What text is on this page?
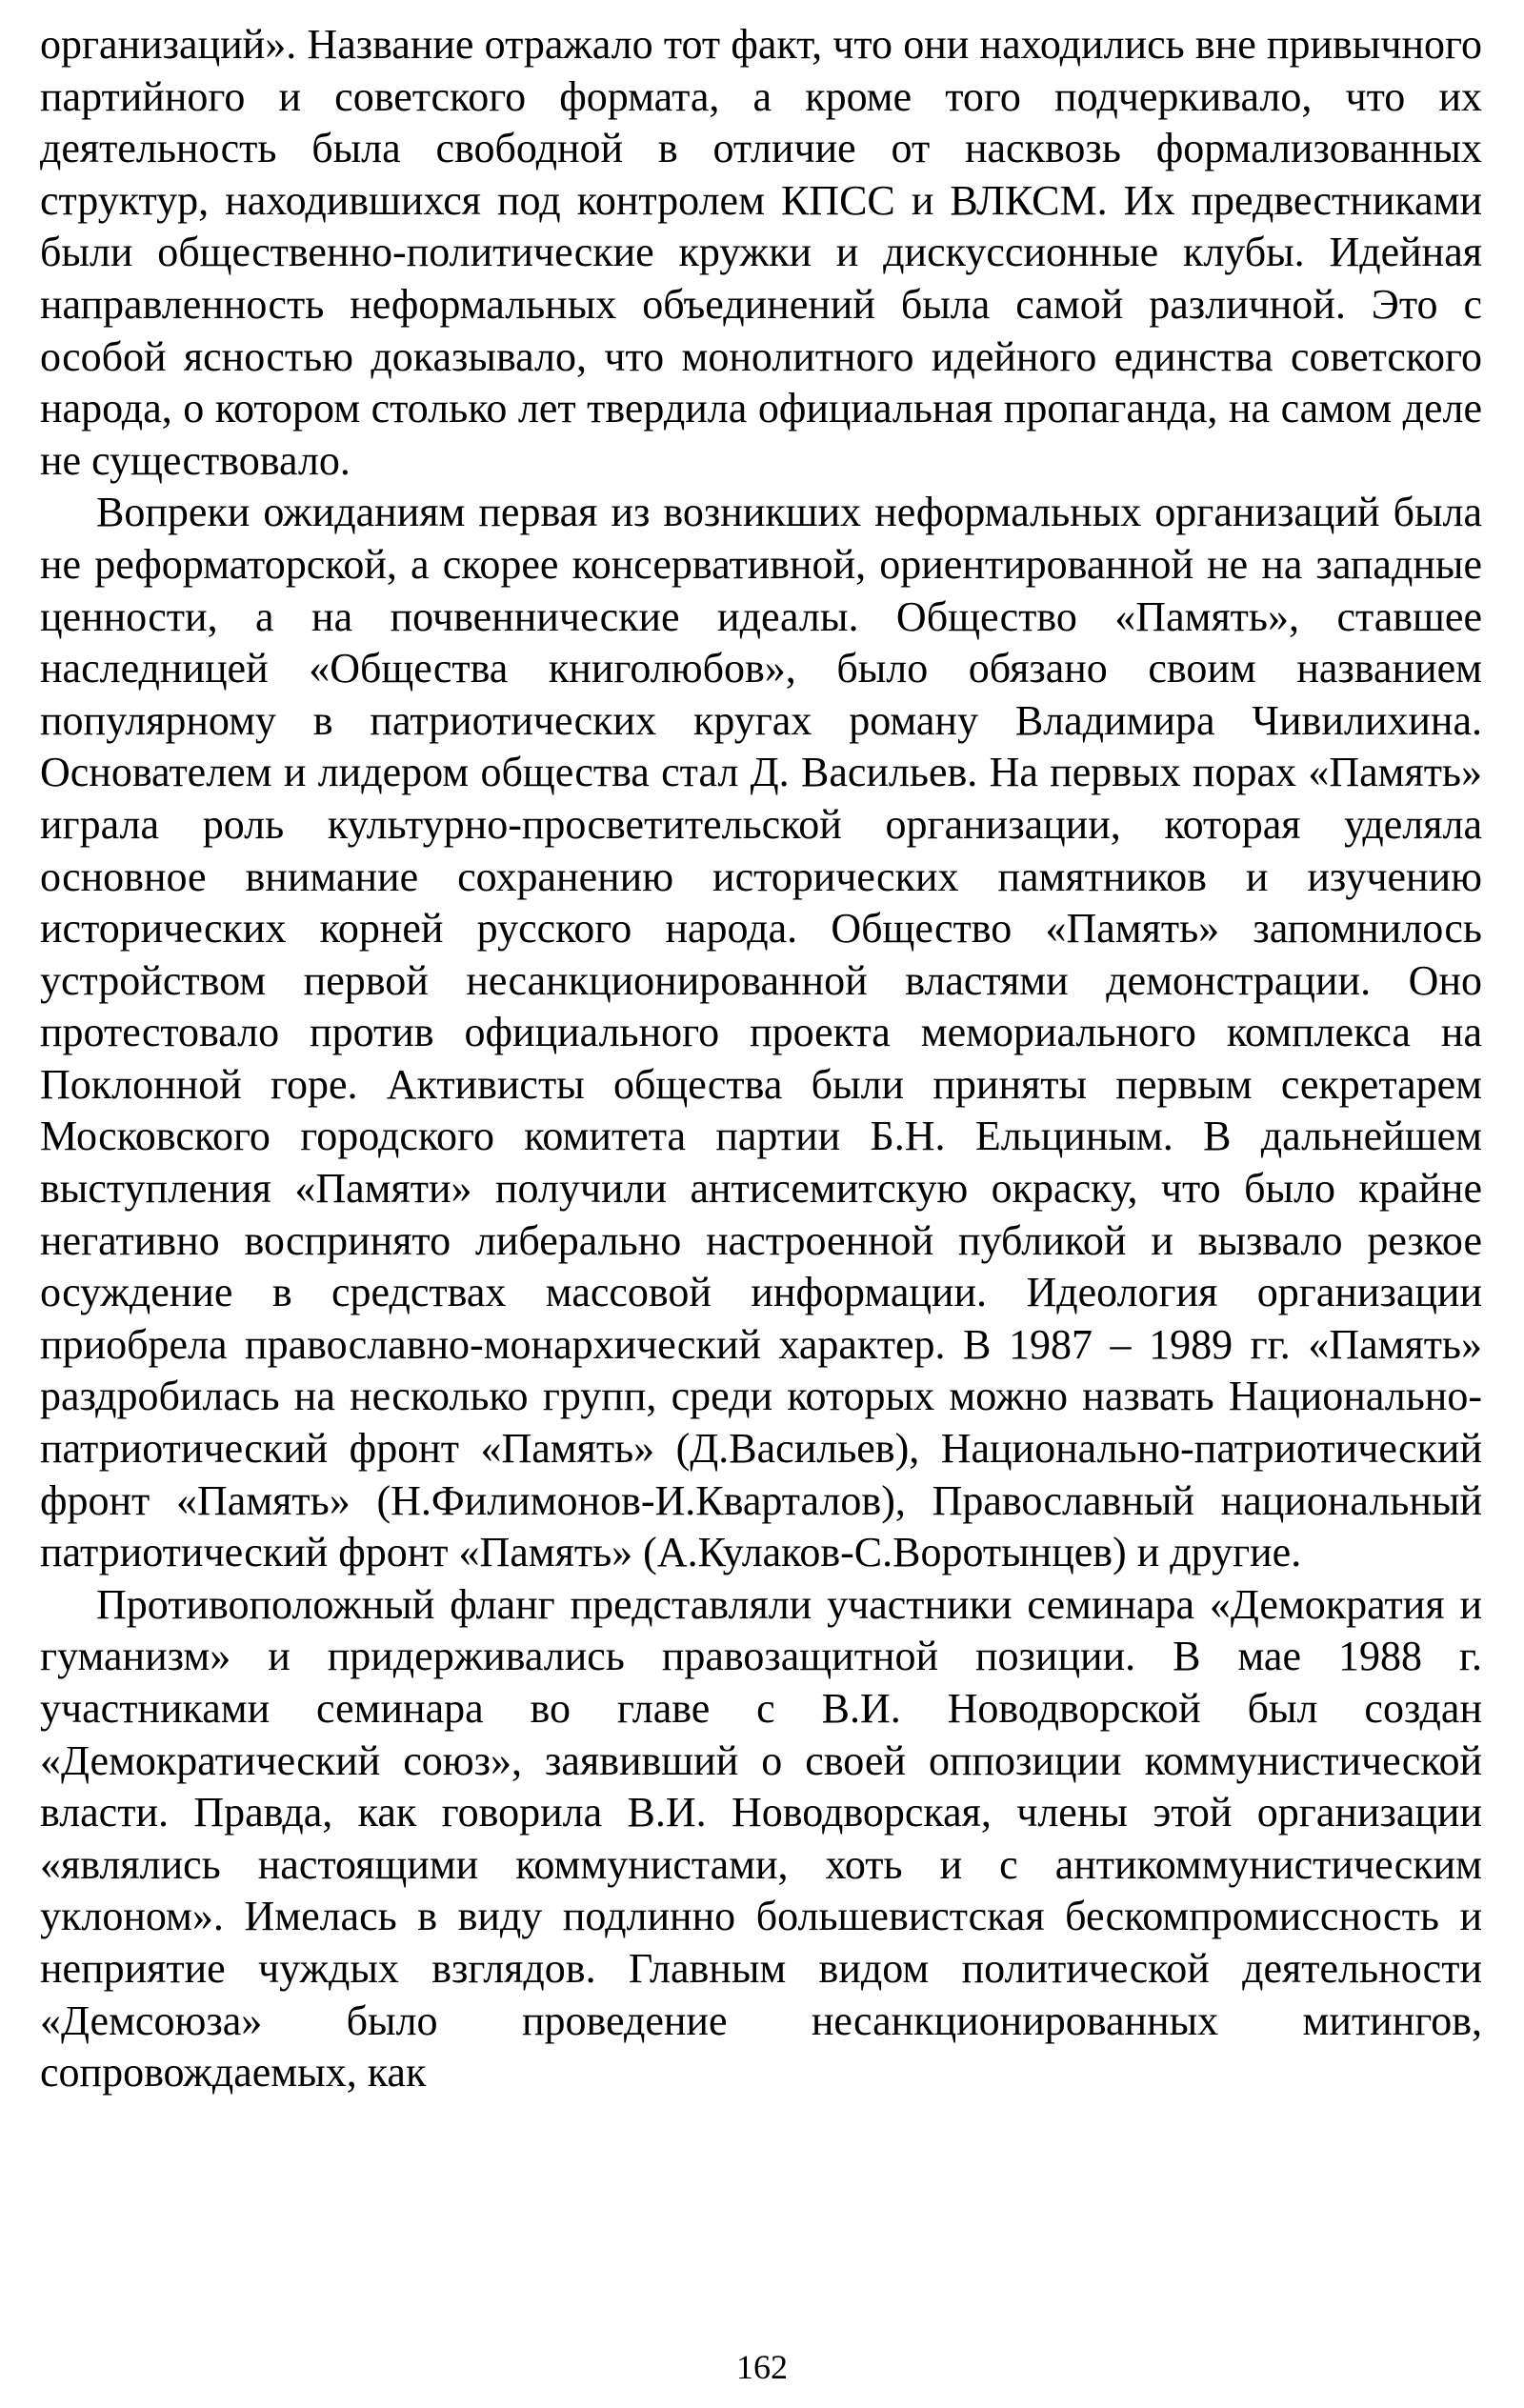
организаций». Название отражало тот факт, что они находились вне привычного партийного и советского формата, а кроме того подчеркивало, что их деятельность была свободной в отличие от насквозь формализованных структур, находившихся под контролем КПСС и ВЛКСМ. Их предвестниками были общественно-политические кружки и дискуссионные клубы. Идейная направленность неформальных объединений была самой различной. Это с особой ясностью доказывало, что монолитного идейного единства советского народа, о котором столько лет твердила официальная пропаганда, на самом деле не существовало.

Вопреки ожиданиям первая из возникших неформальных организаций была не реформаторской, а скорее консервативной, ориентированной не на западные ценности, а на почвеннические идеалы. Общество «Память», ставшее наследницей «Общества книголюбов», было обязано своим названием популярному в патриотических кругах роману Владимира Чивилихина. Основателем и лидером общества стал Д. Васильев. На первых порах «Память» играла роль культурно-просветительской организации, которая уделяла основное внимание сохранению исторических памятников и изучению исторических корней русского народа. Общество «Память» запомнилось устройством первой несанкционированной властями демонстрации. Оно протестовало против официального проекта мемориального комплекса на Поклонной горе. Активисты общества были приняты первым секретарем Московского городского комитета партии Б.Н. Ельциным. В дальнейшем выступления «Памяти» получили антисемитскую окраску, что было крайне негативно воспринято либерально настроенной публикой и вызвало резкое осуждение в средствах массовой информации. Идеология организации приобрела православно-монархический характер. В 1987 – 1989 гг. «Память» раздробилась на несколько групп, среди которых можно назвать Национально-патриотический фронт «Память» (Д.Васильев), Национально-патриотический фронт «Память» (Н.Филимонов-И.Кварталов), Православный национальный патриотический фронт «Память» (А.Кулаков-С.Воротынцев) и другие.

Противоположный фланг представляли участники семинара «Демократия и гуманизм» и придерживались правозащитной позиции. В мае 1988 г. участниками семинара во главе с В.И. Новодворской был создан «Демократический союз», заявивший о своей оппозиции коммунистической власти. Правда, как говорила В.И. Новодворская, члены этой организации «являлись настоящими коммунистами, хоть и с антикоммунистическим уклоном». Имелась в виду подлинно большевистская бескомпромиссность и неприятие чуждых взглядов. Главным видом политической деятельности «Демсоюза» было проведение несанкционированных митингов, сопровождаемых, как

162
